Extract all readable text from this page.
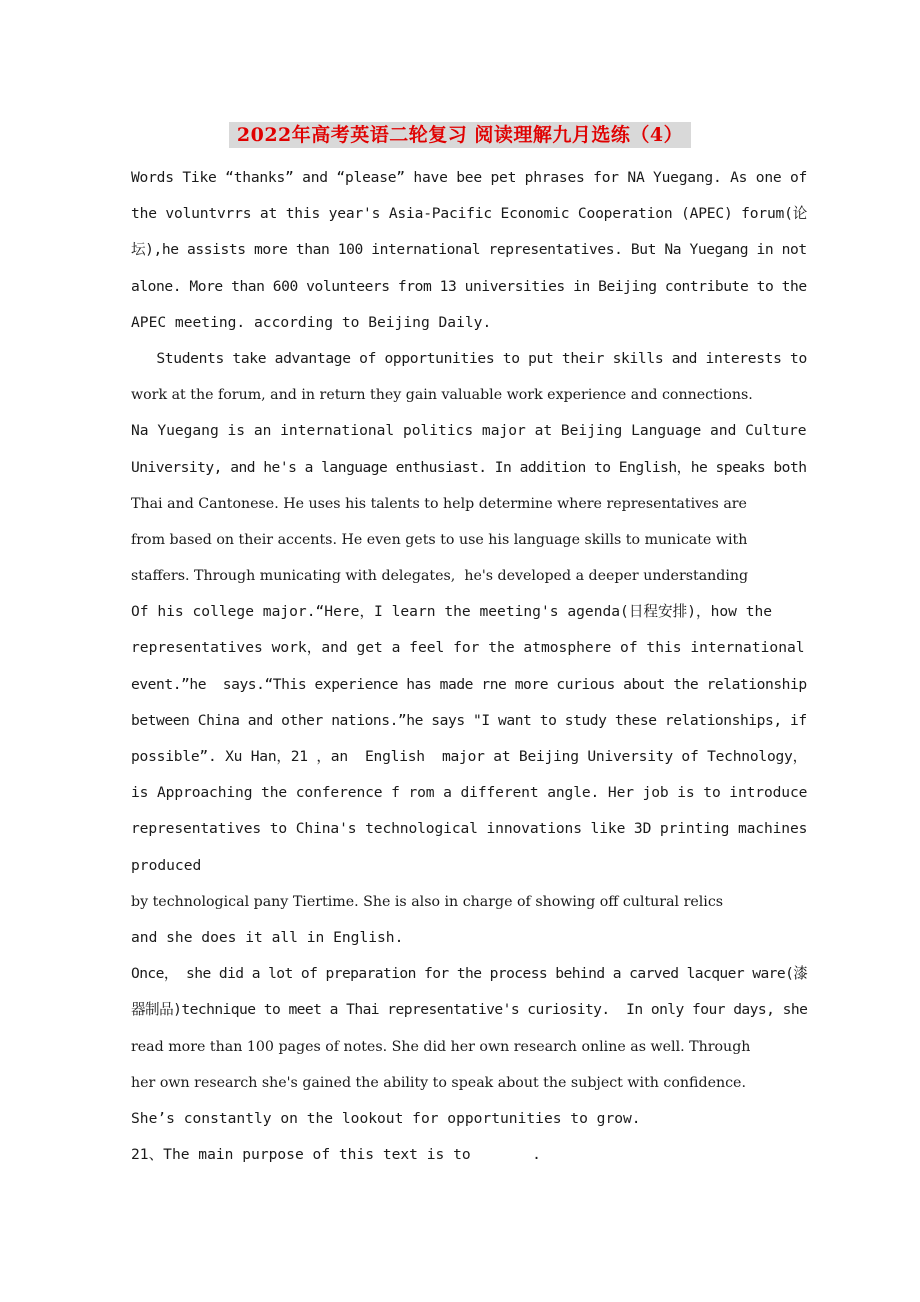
2022年高考英语二轮复习 阅读理解九月选练（4）
Words Tike “thanks” and “please” have bee pet phrases for NA Yuegang. As one of
the voluntvrrs at this year's Asia-Pacific Economic Cooperation (APEC) forum(论
坛),he assists more than 100 international representatives. But Na Yuegang in not
alone. More than 600 volunteers from 13 universities in Beijing contribute to the
APEC meeting. according to Beijing Daily.
Students take advantage of opportunities to put their skills and interests to
work at the forum, and in return they gain valuable work experience and connections.
Na Yuegang is an international politics major at Beijing Language and Culture
University, and he's a language enthusiast. In addition to English，he speaks both
Thai and Cantonese. He uses his talents to help determine where representatives are
from based on their accents. He even gets to use his language skills to municate with
staffers. Through municating with delegates,  he's developed a deeper understanding
Of his college major.“Here，I learn the meeting's agenda(日程安排)，how the
representatives work，and get a feel for the atmosphere of this international
event.”he  says.“This experience has made rne more curious about the relationship
between China and other nations.”he says "I want to study these relationships, if
possible”. Xu Han，21 ，an  English  major at Beijing University of Technology，
is Approaching the conference f rom a different angle. Her job is to introduce
representatives to China's technological innovations like 3D printing machines
produced
by technological pany Tiertime. She is also in charge of showing off cultural relics
and she does it all in English.
Once， she did a lot of preparation for the process behind a carved lacquer ware(漆
器制品)technique to meet a Thai representative's curiosity.  In only four days, she
read more than 100 pages of notes. She did her own research online as well. Through
her own research she's gained the ability to speak about the subject with confidence.
She’s constantly on the lookout for opportunities to grow.
21、The main purpose of this text is to       .
